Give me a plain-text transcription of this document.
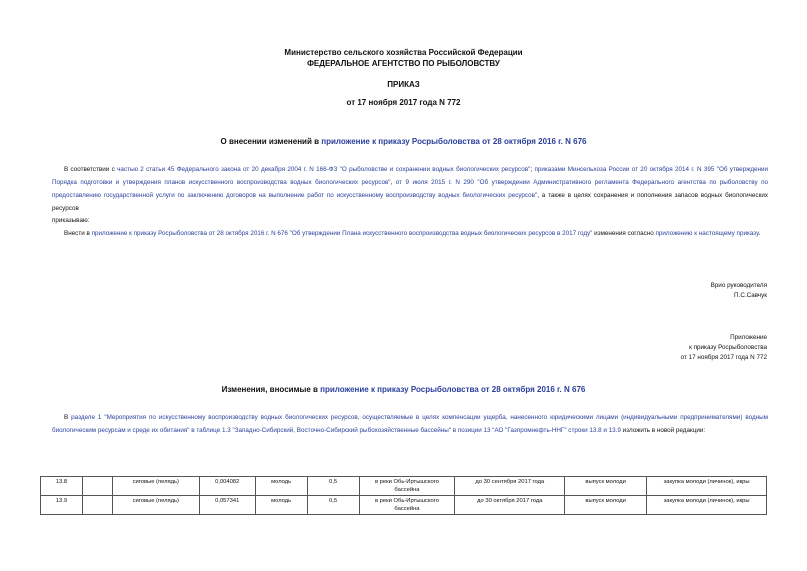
Министерство сельского хозяйства Российской Федерации
ФЕДЕРАЛЬНОЕ АГЕНТСТВО ПО РЫБОЛОВСТВУ
ПРИКАЗ
от 17 ноября 2017 года N 772
О внесении изменений в приложение к приказу Росрыболовства от 28 октября 2016 г. N 676
В соответствии с частью 2 статьи 45 Федерального закона от 20 декабря 2004 г. N 166-ФЗ "О рыболовстве и сохранении водных биологических ресурсов"; приказами Минсельхоза России от 20 октября 2014 г. N 395 "Об утверждении Порядка подготовки и утверждения планов искусственного воспроизводства водных биологических ресурсов", от 9 июля 2015 г. N 290 "Об утверждении Административного регламента Федерального агентства по рыболовству по предоставлению государственной услуги по заключению договоров на выполнение работ по искусственному воспроизводству водных биологических ресурсов", а также в целях сохранения и пополнения запасов водных биологических ресурсов
приказываю:
Внести в приложение к приказу Росрыболовства от 28 октября 2016 г. N 676 "Об утверждении Плана искусственного воспроизводства водных биологических ресурсов в 2017 году" изменения согласно приложению к настоящему приказу.
Врио руководителя
П.С.Савчук
Приложение
к приказу Росрыболовства
от 17 ноября 2017 года N 772
Изменения, вносимые в приложение к приказу Росрыболовства от 28 октября 2016 г. N 676
В разделе 1 "Мероприятия по искусственному воспроизводству водных биологических ресурсов, осуществляемые в целях компенсации ущерба, нанесенного юридическими лицами (индивидуальными предпринимателями) водным биологическим ресурсам и среде их обитания" в таблице 1.3 "Западно-Сибирский, Восточно-Сибирский рыбохозяйственные бассейны" в позиции 13 "АО "Газпромнефть-ННГ" строки 13.8 и 13.9 изложить в новой редакции:
13.8		сиговые (пелядь)	0,004082	молодь	0,5	в реки Обь-Иртышского бассейна	до 30 сентября 2017 года	выпуск молоди	закупка молоди (личинок), икры
13.9		сиговые (пелядь)	0,057341	молодь	0,5	в реки Обь-Иртышского бассейна	до 30 октября 2017 года	выпуск молоди	закупка молоди (личинок), икры
